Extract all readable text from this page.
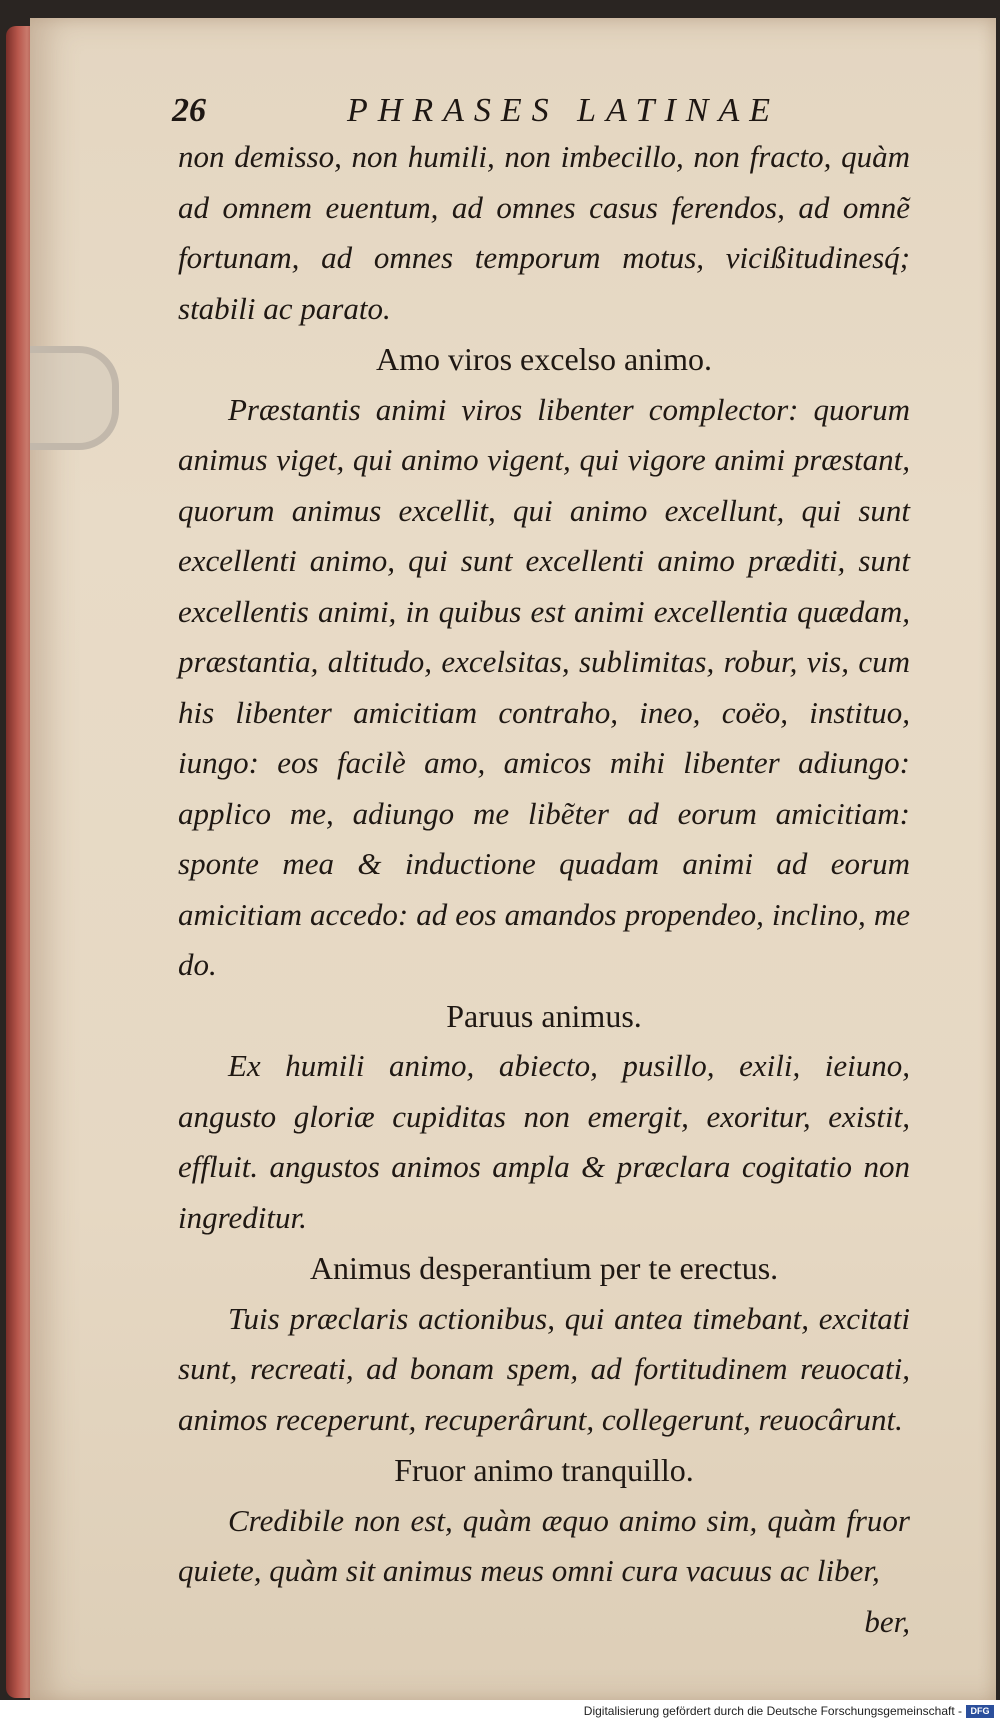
26	PHRASES LATINAE

non demisso, non humili, non imbecillo, non fracto, quàm ad omnem euentum, ad omnes casus ferendos, ad omnẽ fortunam, ad omnes temporum motus, vicißitudinesq́; stabili ac parato.

Amo viros excelso animo.

Præstantis animi viros libenter complector: quorum animus viget, qui animo vigent, qui vigore animi præstant, quorum animus excellit, qui animo excellunt, qui sunt excellenti animo, qui sunt excellenti animo præditi, sunt excellentis animi, in quibus est animi excellentia quædam, præstantia, altitudo, excelsitas, sublimitas, robur, vis, cum his libenter amicitiam contraho, ineo, coëo, instituo, iungo: eos facilè amo, amicos mihi libenter adiungo: applico me, adiungo me libẽter ad eorum amicitiam: sponte mea & inductione quadam animi ad eorum amicitiam accedo: ad eos amandos propendeo, inclino, me do.

Paruus animus.

Ex humili animo, abiecto, pusillo, exili, ieiuno, angusto gloriæ cupiditas non emergit, exoritur, existit, effluit. angustos animos ampla & præclara cogitatio non ingreditur.

Animus desperantium per te erectus.

Tuis præclaris actionibus, qui antea timebant, excitati sunt, recreati, ad bonam spem, ad fortitudinem reuocati, animos receperunt, recuperârunt, collegerunt, reuocârunt.

Fruor animo tranquillo.

Credibile non est, quàm æquo animo sim, quàm fruor quiete, quàm sit animus meus omni cura vacuus ac liber,

ber,

Digitalisierung gefördert durch die Deutsche Forschungsgemeinschaft - DFG
